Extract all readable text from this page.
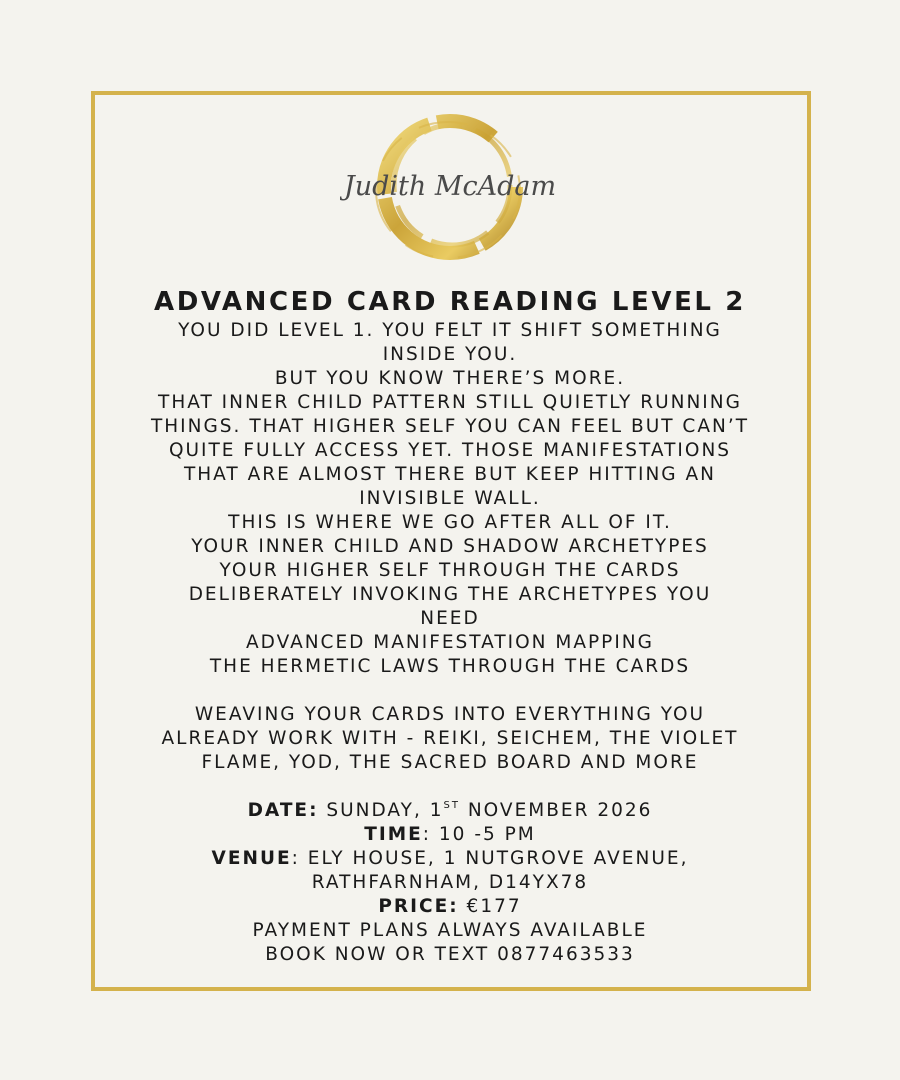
Judith McAdam
ADVANCED CARD READING LEVEL 2
YOU DID LEVEL 1. YOU FELT IT SHIFT SOMETHING
INSIDE YOU.
BUT YOU KNOW THERE’S MORE.
THAT INNER CHILD PATTERN STILL QUIETLY RUNNING
THINGS. THAT HIGHER SELF YOU CAN FEEL BUT CAN’T
QUITE FULLY ACCESS YET. THOSE MANIFESTATIONS
THAT ARE ALMOST THERE BUT KEEP HITTING AN
INVISIBLE WALL.
THIS IS WHERE WE GO AFTER ALL OF IT.
YOUR INNER CHILD AND SHADOW ARCHETYPES
YOUR HIGHER SELF THROUGH THE CARDS
DELIBERATELY INVOKING THE ARCHETYPES YOU
NEED
ADVANCED MANIFESTATION MAPPING
THE HERMETIC LAWS THROUGH THE CARDS
WEAVING YOUR CARDS INTO EVERYTHING YOU
ALREADY WORK WITH - REIKI, SEICHEM, THE VIOLET
FLAME, YOD, THE SACRED BOARD AND MORE
DATE: SUNDAY, 1ST NOVEMBER 2026
TIME: 10 -5 PM
VENUE: ELY HOUSE, 1 NUTGROVE AVENUE,
RATHFARNHAM, D14YX78
PRICE: €177
PAYMENT PLANS ALWAYS AVAILABLE
BOOK NOW OR TEXT 0877463533
